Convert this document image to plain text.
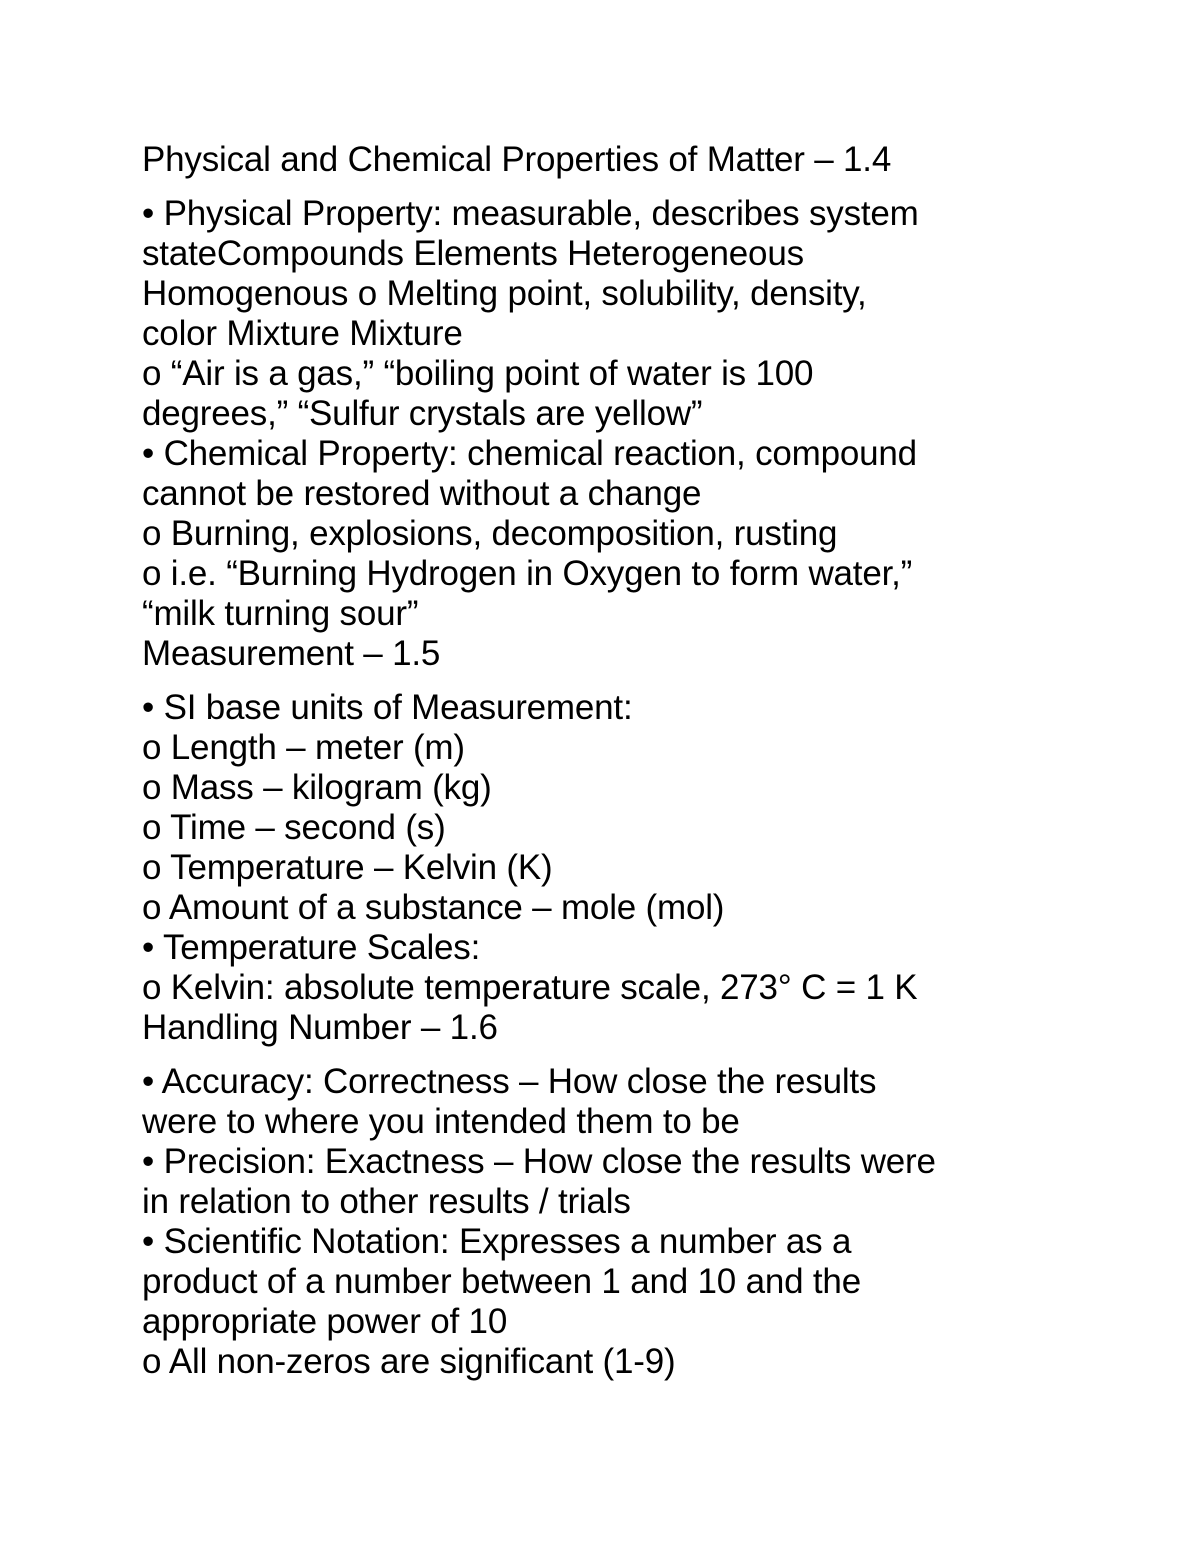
Physical and Chemical Properties of Matter – 1.4

• Physical Property: measurable, describes system

stateCompounds Elements Heterogeneous

Homogenous o Melting point, solubility, density,

color Mixture Mixture

o “Air is a gas,” “boiling point of water is 100

degrees,” “Sulfur crystals are yellow”

• Chemical Property: chemical reaction, compound

cannot be restored without a change

o Burning, explosions, decomposition, rusting

o i.e. “Burning Hydrogen in Oxygen to form water,”

“milk turning sour”

Measurement – 1.5

• SI base units of Measurement:

o Length – meter (m)

o Mass – kilogram (kg)

o Time – second (s)

o Temperature – Kelvin (K)

o Amount of a substance – mole (mol)

• Temperature Scales:

o Kelvin: absolute temperature scale, 273° C = 1 K

Handling Number – 1.6

• Accuracy: Correctness – How close the results

were to where you intended them to be

• Precision: Exactness – How close the results were

in relation to other results / trials

• Scientific Notation: Expresses a number as a

product of a number between 1 and 10 and the

appropriate power of 10

o All non-zeros are significant (1-9)
